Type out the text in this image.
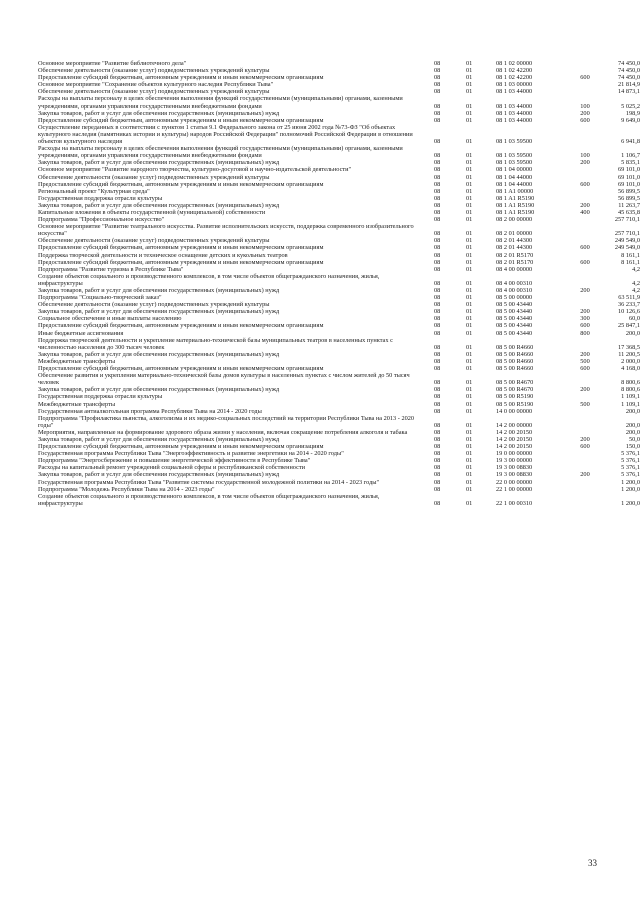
Основное мероприятие "Развитие библиотечного дела"	08	01	08 1 02 00000		74 450,0
Обеспечение деятельности (оказание услуг) подведомственных учреждений культуры	08	01	08 1 02 42200		74 450,0
Предоставление субсидий бюджетным, автономным учреждениям и иным некоммерческим организациям	08	01	08 1 02 42200	600	74 450,0
Основное мероприятие "Сохранение объектов культурного наследия Республики Тыва"	08	01	08 1 03 00000		21 814,9
Обеспечение деятельности (оказание услуг) подведомственных учреждений культуры	08	01	08 1 03 44000		14 873,1
Расходы на выплаты персоналу в целях обеспечения выполнения функций государственными (муниципальными) органами, казенными учреждениями, органами управления государственными внебюджетными фондами	08	01	08 1 03 44000	100	5 025,2
Закупка товаров, работ и услуг для обеспечения государственных (муниципальных) нужд	08	01	08 1 03 44000	200	198,9
Предоставление субсидий бюджетным, автономным учреждениям и иным некоммерческим организациям	08	01	08 1 03 44000	600	9 649,0
Осуществление переданных в соответствии с пунктом 1 статьи 9.1 Федерального закона от 25 июня 2002 года №73-ФЗ "Об объектах культурного наследия (памятниках истории и культуры) народов Российской Федерации" полномочий Российской Федерации в отношении объектов культурного наследия	08	01	08 1 03 59500		6 941,8
Расходы на выплаты персоналу в целях обеспечения выполнения функций государственными (муниципальными) органами, казенными учреждениями, органами управления государственными внебюджетными фондами	08	01	08 1 03 59500	100	1 106,7
Закупка товаров, работ и услуг для обеспечения государственных (муниципальных) нужд	08	01	08 1 03 59500	200	5 835,1
Основное мероприятие "Развитие народного творчества, культурно-досуговой и научно-издательской деятельности"	08	01	08 1 04 00000		69 101,0
Обеспечение деятельности (оказание услуг) подведомственных учреждений культуры	08	01	08 1 04 44000		69 101,0
Предоставление субсидий бюджетным, автономным учреждениям и иным некоммерческим организациям	08	01	08 1 04 44000	600	69 101,0
Региональный проект "Культурная среда"	08	01	08 1 A1 00000		56 899,5
Государственная поддержка отрасли культуры	08	01	08 1 A1 R5190		56 899,5
Закупка товаров, работ и услуг для обеспечения государственных (муниципальных) нужд	08	01	08 1 A1 R5190	200	11 263,7
Капитальные вложения в объекты государственной (муниципальной) собственности	08	01	08 1 A1 R5190	400	45 635,8
Подпрограмма "Профессиональное искусство"	08	01	08 2 00 00000		257 710,1
Основное мероприятие "Развитие театрального искусства. Развитие исполнительских искусств, поддержка современного изобразительного искусства"	08	01	08 2 01 00000		257 710,1
Обеспечение деятельности (оказание услуг) подведомственных учреждений культуры	08	01	08 2 01 44300		249 549,0
Предоставление субсидий бюджетным, автономным учреждениям и иным некоммерческим организациям	08	01	08 2 01 44300	600	249 549,0
Поддержка творческой деятельности и техническое оснащение детских и кукольных театров	08	01	08 2 01 R5170		8 161,1
Предоставление субсидий бюджетным, автономным учреждениям и иным некоммерческим организациям	08	01	08 2 01 R5170	600	8 161,1
Подпрограмма "Развитие туризма в Республике Тыва"	08	01	08 4 00 00000		4,2
Создание объектов социального и производственного комплексов, в том числе объектов общегражданского назначения, жилья, инфраструктуры	08	01	08 4 00 00310		4,2
Закупка товаров, работ и услуг для обеспечения государственных (муниципальных) нужд	08	01	08 4 00 00310	200	4,2
Подпрограмма "Социально-творческий заказ"	08	01	08 5 00 00000		63 511,9
Обеспечение деятельности (оказание услуг) подведомственных учреждений культуры	08	01	08 5 00 43440		36 233,7
Закупка товаров, работ и услуг для обеспечения государственных (муниципальных) нужд	08	01	08 5 00 43440	200	10 126,6
Социальное обеспечение и иные выплаты населению	08	01	08 5 00 43440	300	60,0
Предоставление субсидий бюджетным, автономным учреждениям и иным некоммерческим организациям	08	01	08 5 00 43440	600	25 847,1
Иные бюджетные ассигнования	08	01	08 5 00 43440	800	200,0
Поддержка творческой деятельности и укрепление материально-технической базы муниципальных театров в населенных пунктах с численностью населения до 300 тысяч человек	08	01	08 5 00 R4660		17 368,5
Закупка товаров, работ и услуг для обеспечения государственных (муниципальных) нужд	08	01	08 5 00 R4660	200	11 200,5
Межбюджетные трансферты	08	01	08 5 00 R4660	500	2 000,0
Предоставление субсидий бюджетным, автономным учреждениям и иным некоммерческим организациям	08	01	08 5 00 R4660	600	4 168,0
Обеспечение развития и укрепления материально-технической базы домов культуры в населенных пунктах с числом жителей до 50 тысяч человек	08	01	08 5 00 R4670		8 800,6
Закупка товаров, работ и услуг для обеспечения государственных (муниципальных) нужд	08	01	08 5 00 R4670	200	8 800,6
Государственная поддержка отрасли культуры	08	01	08 5 00 R5190		1 109,1
Межбюджетные трансферты	08	01	08 5 00 R5190	500	1 109,1
Государственная антиалкогольная программа Республики Тыва на 2014 - 2020 годы	08	01	14 0 00 00000		200,0
Подпрограмма "Профилактика пьянства, алкоголизма и их медико-социальных последствий на территории Республики Тыва на 2013 - 2020 годы"	08	01	14 2 00 00000		200,0
Мероприятия, направленные на формирование здорового образа жизни у населения, включая сокращение потребления алкоголя и табака	08	01	14 2 00 20150		200,0
Закупка товаров, работ и услуг для обеспечения государственных (муниципальных) нужд	08	01	14 2 00 20150	200	50,0
Предоставление субсидий бюджетным, автономным учреждениям и иным некоммерческим организациям	08	01	14 2 00 20150	600	150,0
Государственная программа Республики Тыва "Энергоэффективность и развитие энергетики на 2014 - 2020 годы"	08	01	19 0 00 00000		5 376,1
Подпрограмма "Энергосбережение и повышение энергетической эффективности в Республике Тыва"	08	01	19 3 00 00000		5 376,1
Расходы на капитальный ремонт учреждений социальной сферы и республиканской собственности	08	01	19 3 00 08830		5 376,1
Закупка товаров, работ и услуг для обеспечения государственных (муниципальных) нужд	08	01	19 3 00 08830	200	5 376,1
Государственная программа Республики Тыва "Развитие системы государственной молодежной политики на 2014 - 2023 годы"	08	01	22 0 00 00000		1 200,0
Подпрограмма "Молодежь Республики Тыва на 2014 - 2023 годы"	08	01	22 1 00 00000		1 200,0
Создание объектов социального и производственного комплексов, в том числе объектов общегражданского назначения, жилья, инфраструктуры	08	01	22 1 00 00310		1 200,0
33
